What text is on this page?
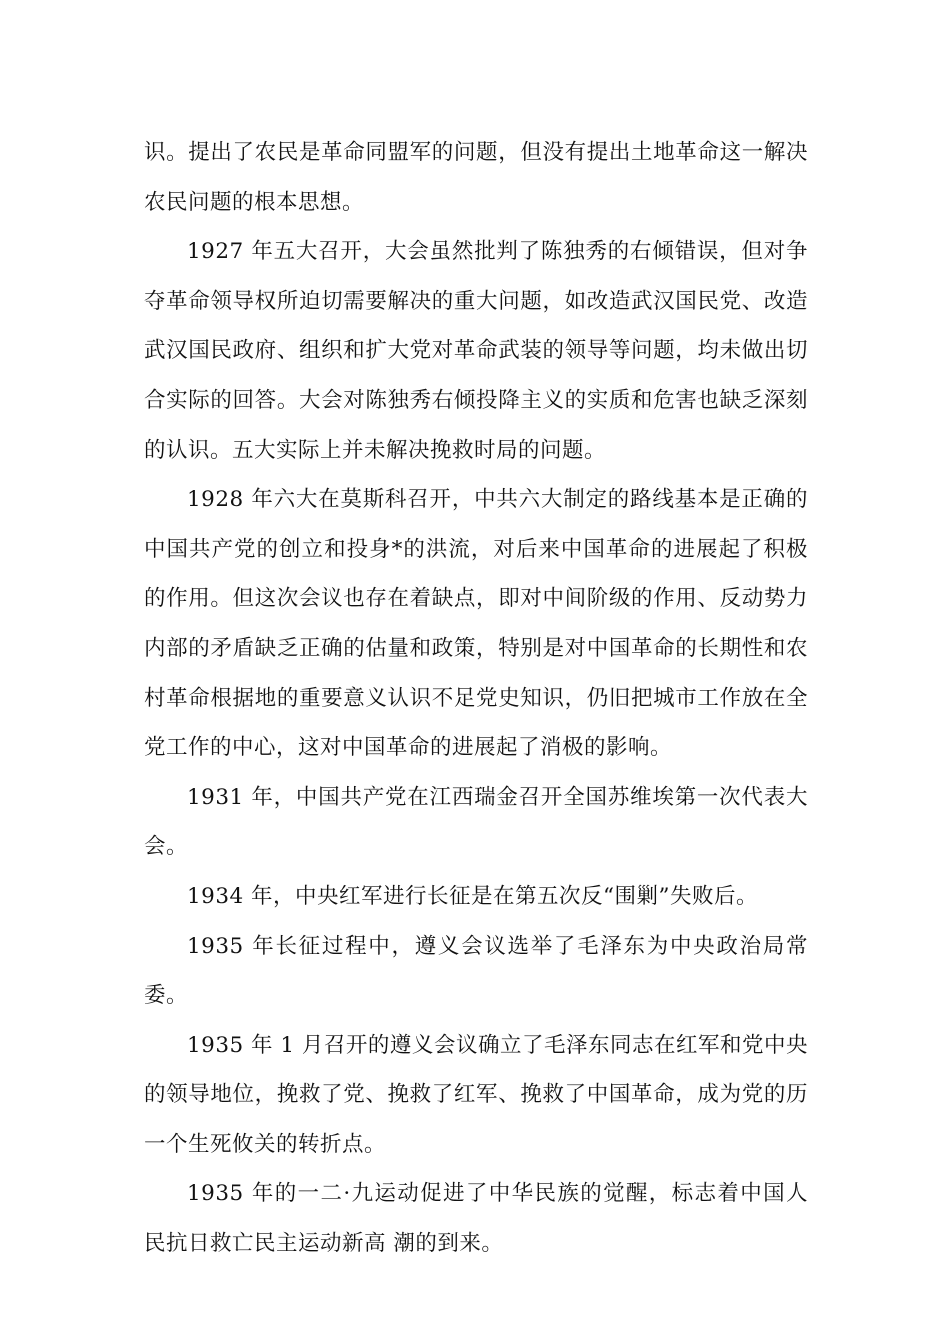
识。提出了农民是革命同盟军的问题，但没有提出土地革命这一解决农民问题的根本思想。

1927 年五大召开，大会虽然批判了陈独秀的右倾错误，但对争夺革命领导权所迫切需要解决的重大问题，如改造武汉国民党、改造武汉国民政府、组织和扩大党对革命武装的领导等问题，均未做出切合实际的回答。大会对陈独秀右倾投降主义的实质和危害也缺乏深刻的认识。五大实际上并未解决挽救时局的问题。

1928 年六大在莫斯科召开，中共六大制定的路线基本是正确的中国共产党的创立和投身*的洪流，对后来中国革命的进展起了积极的作用。但这次会议也存在着缺点，即对中间阶级的作用、反动势力内部的矛盾缺乏正确的估量和政策，特别是对中国革命的长期性和农村革命根据地的重要意义认识不足党史知识，仍旧把城市工作放在全党工作的中心，这对中国革命的进展起了消极的影响。

1931 年，中国共产党在江西瑞金召开全国苏维埃第一次代表大会。

1934 年，中央红军进行长征是在第五次反“围剿”失败后。

1935 年长征过程中，遵义会议选举了毛泽东为中央政治局常委。

1935 年 1 月召开的遵义会议确立了毛泽东同志在红军和党中央的领导地位，挽救了党、挽救了红军、挽救了中国革命，成为党的历一个生死攸关的转折点。

1935 年的一二·九运动促进了中华民族的觉醒，标志着中国人民抗日救亡民主运动新高 潮的到来。
